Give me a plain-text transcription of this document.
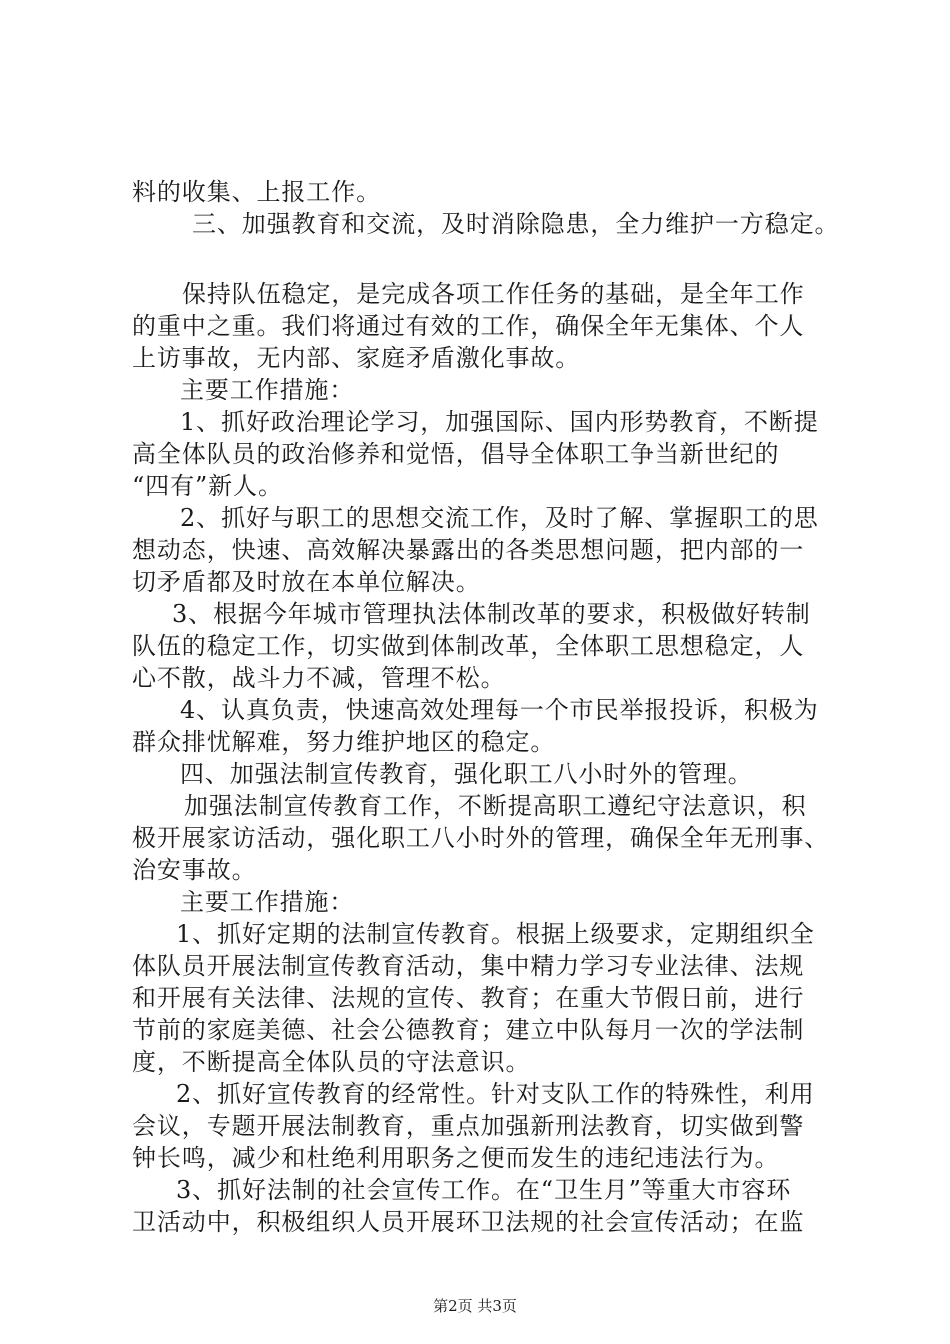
料的收集、上报工作。
三、加强教育和交流，及时消除隐患，全力维护一方稳定。
保持队伍稳定，是完成各项工作任务的基础，是全年工作
的重中之重。我们将通过有效的工作，确保全年无集体、个人
上访事故，无内部、家庭矛盾激化事故。
主要工作措施：
1、抓好政治理论学习，加强国际、国内形势教育，不断提
高全体队员的政治修养和觉悟，倡导全体职工争当新世纪的
“四有”新人。
2、抓好与职工的思想交流工作，及时了解、掌握职工的思
想动态，快速、高效解决暴露出的各类思想问题，把内部的一
切矛盾都及时放在本单位解决。
3、根据今年城市管理执法体制改革的要求，积极做好转制
队伍的稳定工作，切实做到体制改革，全体职工思想稳定，人
心不散，战斗力不减，管理不松。
4、认真负责，快速高效处理每一个市民举报投诉，积极为
群众排忧解难，努力维护地区的稳定。
四、加强法制宣传教育，强化职工八小时外的管理。
加强法制宣传教育工作，不断提高职工遵纪守法意识，积
极开展家访活动，强化职工八小时外的管理，确保全年无刑事、
治安事故。
主要工作措施：
1、抓好定期的法制宣传教育。根据上级要求，定期组织全
体队员开展法制宣传教育活动，集中精力学习专业法律、法规
和开展有关法律、法规的宣传、教育；在重大节假日前，进行
节前的家庭美德、社会公德教育；建立中队每月一次的学法制
度，不断提高全体队员的守法意识。
2、抓好宣传教育的经常性。针对支队工作的特殊性，利用
会议，专题开展法制教育，重点加强新刑法教育，切实做到警
钟长鸣，减少和杜绝利用职务之便而发生的违纪违法行为。
3、抓好法制的社会宣传工作。在“卫生月”等重大市容环
卫活动中，积极组织人员开展环卫法规的社会宣传活动；在监
第2页 共3页
